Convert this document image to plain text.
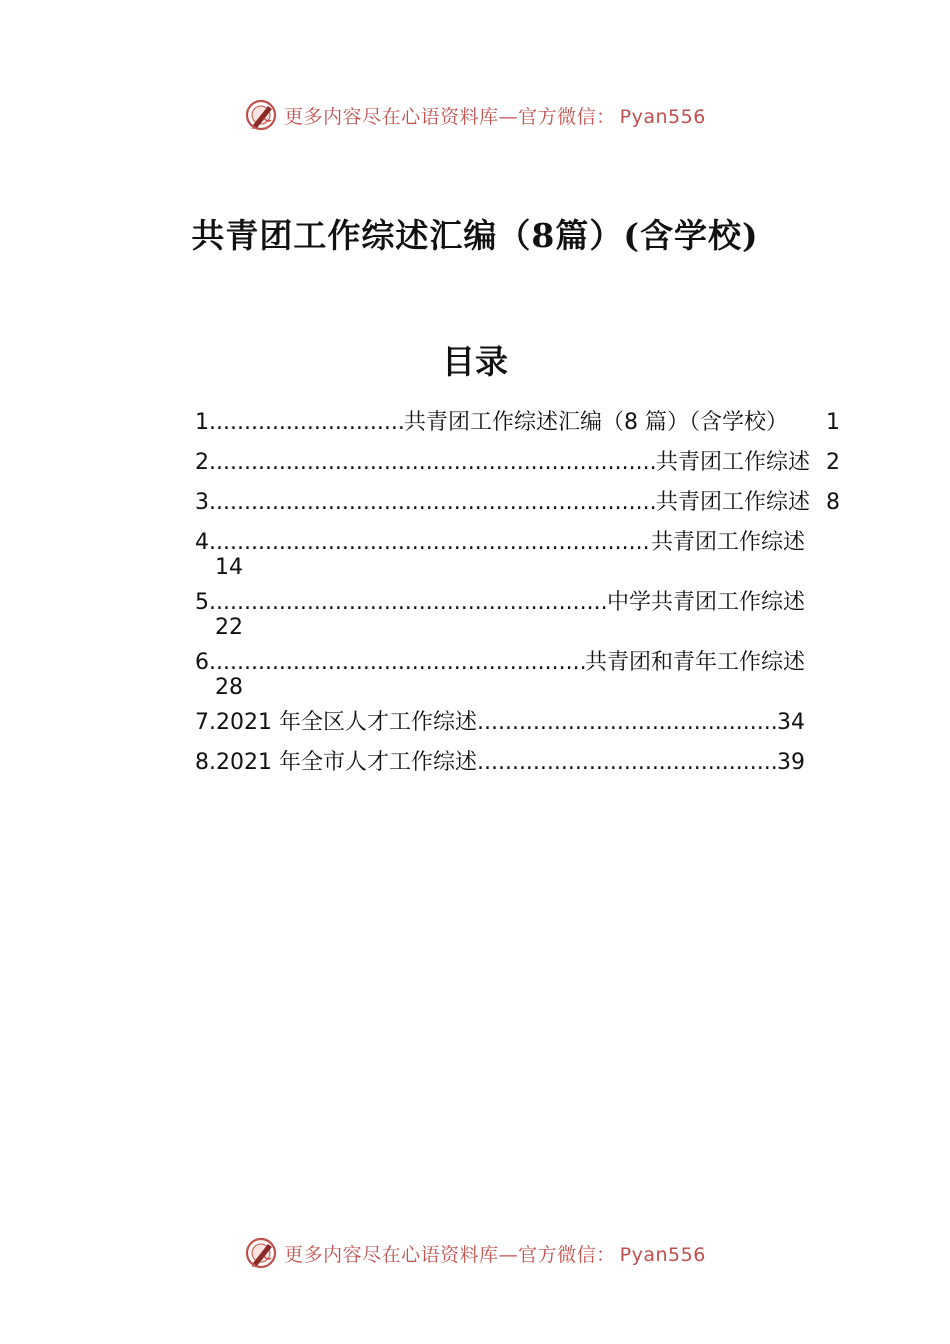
更多内容尽在心语资料库—官方微信： Pyan556
共青团工作综述汇编（8篇）(含学校)
目录
1 .....	共青团工作综述汇编（8 篇）（含学校） 1
2 .....	共青团工作综述 2
3 .....	共青团工作综述 8
4 .....	共青团工作综述
14
5 .....	中学共青团工作综述
22
6 .....	共青团和青年工作综述
28
7.2021 年全区人才工作综述 .....	34
8.2021 年全市人才工作综述 .....	39
更多内容尽在心语资料库—官方微信： Pyan556
